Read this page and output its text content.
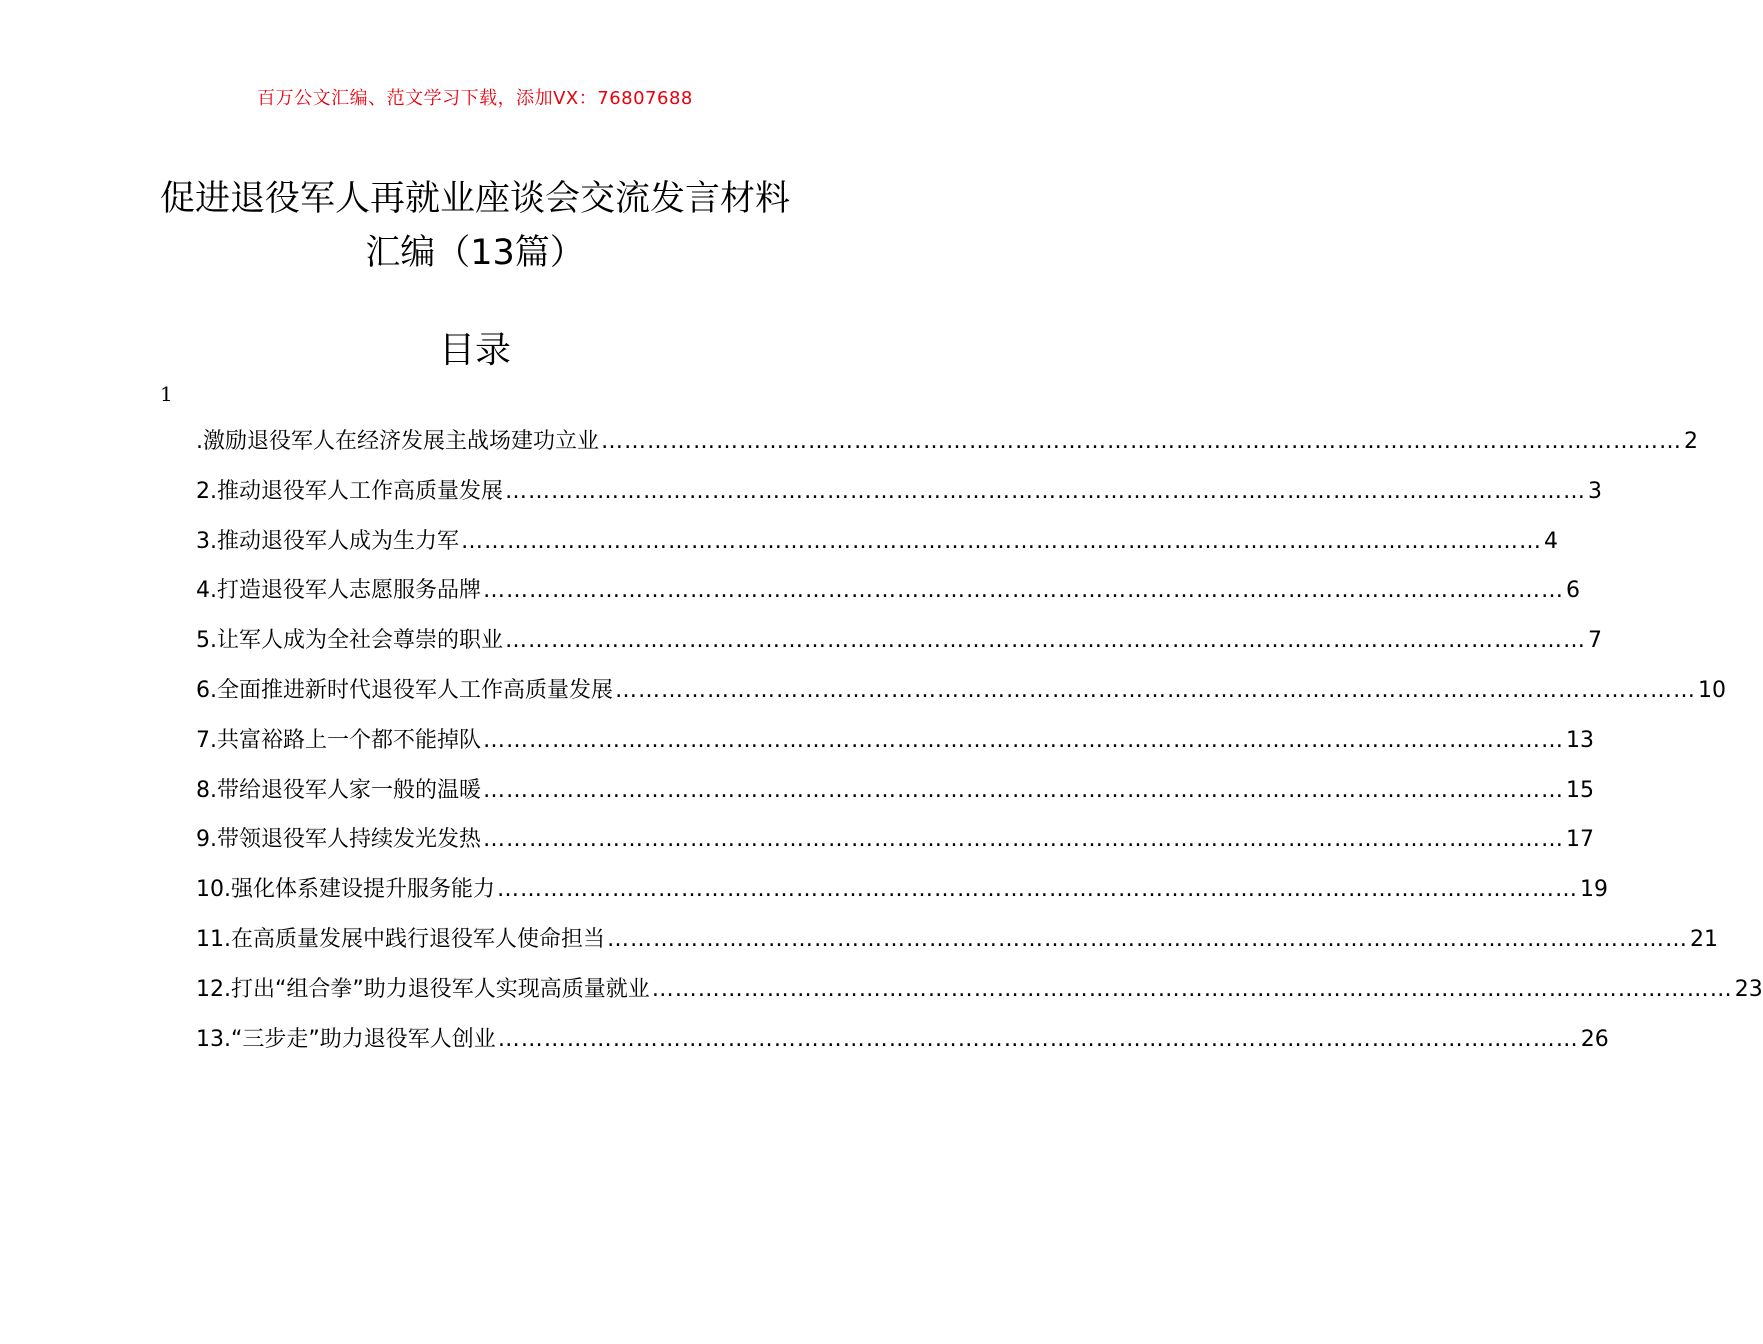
百万公文汇编、范文学习下载，添加VX：76807688
促进退役军人再就业座谈会交流发言材料
汇编（13篇）
目录
1
.激励退役军人在经济发展主战场建功立业 …………………………………………………………………………………………………………………………… 2
2.推动退役军人工作高质量发展 …………………………………………………………………………………………………………………………… 3
3.推动退役军人成为生力军 …………………………………………………………………………………………………………………………… 4
4.打造退役军人志愿服务品牌 …………………………………………………………………………………………………………………………… 6
5.让军人成为全社会尊崇的职业 …………………………………………………………………………………………………………………………… 7
6.全面推进新时代退役军人工作高质量发展 …………………………………………………………………………………………………………………………… 10
7.共富裕路上一个都不能掉队 …………………………………………………………………………………………………………………………… 13
8.带给退役军人家一般的温暖 …………………………………………………………………………………………………………………………… 15
9.带领退役军人持续发光发热 …………………………………………………………………………………………………………………………… 17
10.强化体系建设提升服务能力 …………………………………………………………………………………………………………………………… 19
11.在高质量发展中践行退役军人使命担当 …………………………………………………………………………………………………………………………… 21
12.打出“组合拳”助力退役军人实现高质量就业 …………………………………………………………………………………………………………………………… 23
13.“三步走”助力退役军人创业 …………………………………………………………………………………………………………………………… 26
